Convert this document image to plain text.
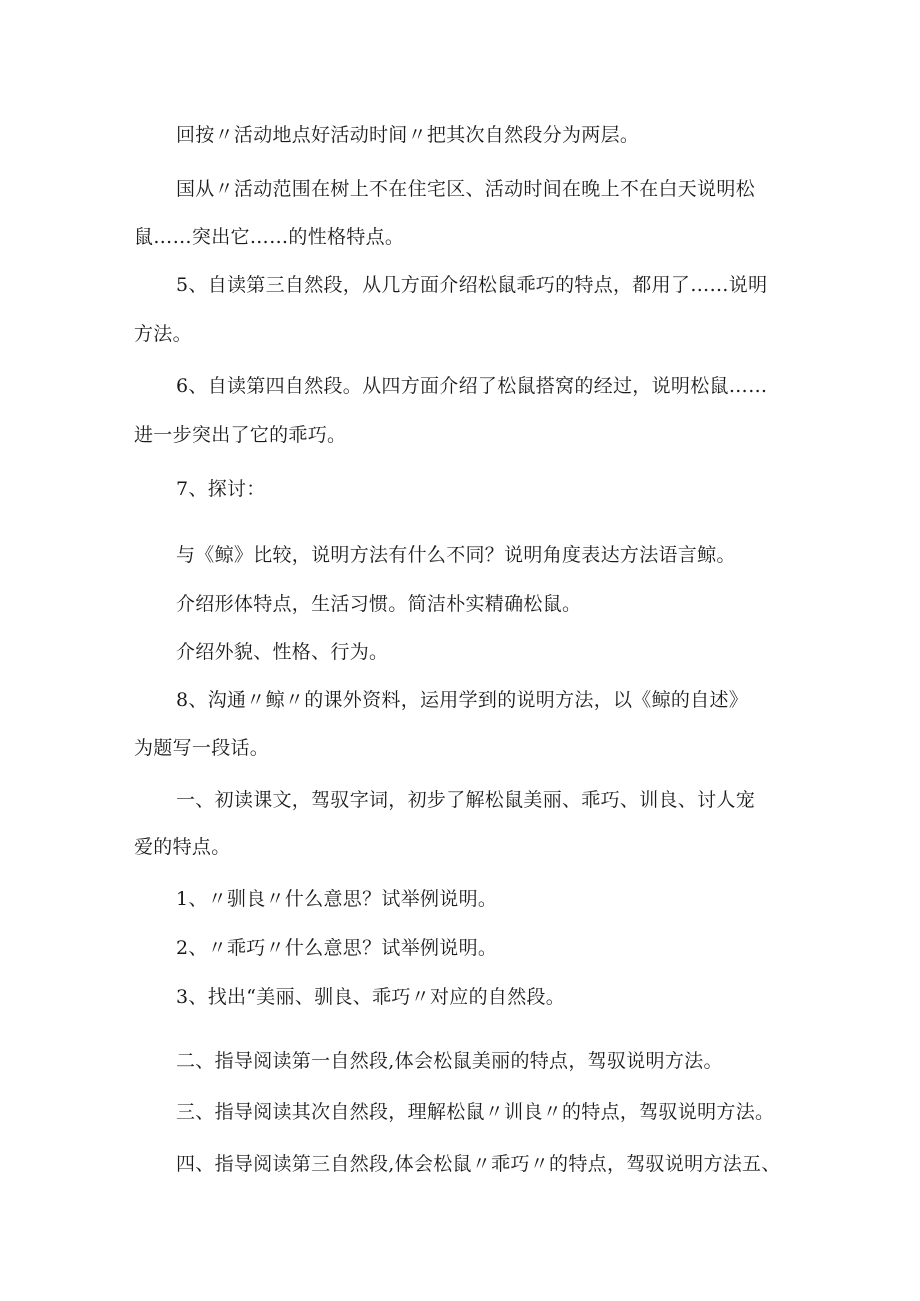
回按〃活动地点好活动时间〃把其次自然段分为两层。
国从〃活动范围在树上不在住宅区、活动时间在晚上不在白天说明松
鼠……突出它……的性格特点。
5、自读第三自然段，从几方面介绍松鼠乖巧的特点，都用了……说明
方法。
6、自读第四自然段。从四方面介绍了松鼠搭窝的经过，说明松鼠……
进一步突出了它的乖巧。
7、探讨：
与《鲸》比较，说明方法有什么不同？说明角度表达方法语言鲸。
介绍形体特点，生活习惯。简洁朴实精确松鼠。
介绍外貌、性格、行为。
8、沟通〃鲸〃的课外资料，运用学到的说明方法，以《鲸的自述》
为题写一段话。
一、初读课文，驾驭字词，初步了解松鼠美丽、乖巧、训良、讨人宠
爱的特点。
1、〃驯良〃什么意思？试举例说明。
2、〃乖巧〃什么意思？试举例说明。
3、找出“美丽、驯良、乖巧〃对应的自然段。
二、指导阅读第一自然段,体会松鼠美丽的特点，驾驭说明方法。
三、指导阅读其次自然段，理解松鼠〃训良〃的特点，驾驭说明方法。
四、指导阅读第三自然段,体会松鼠〃乖巧〃的特点，驾驭说明方法五、
